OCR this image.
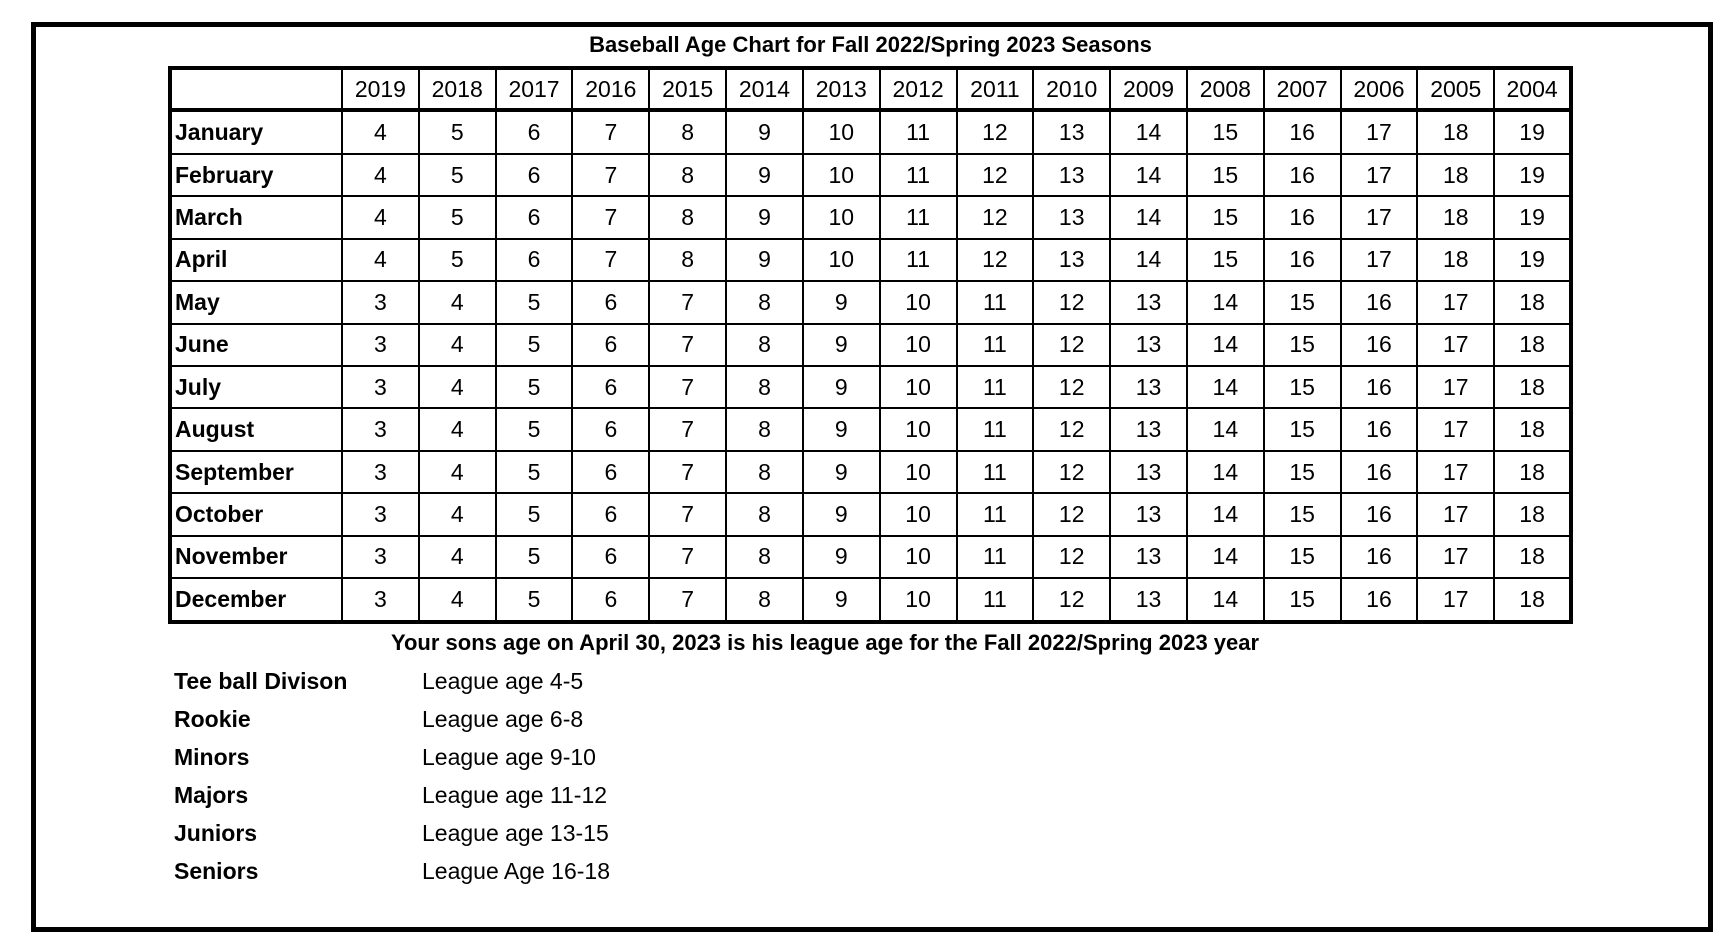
Baseball Age Chart for Fall 2022/Spring 2023 Seasons
	2019	2018	2017	2016	2015	2014	2013	2012	2011	2010	2009	2008	2007	2006	2005	2004
January	4	5	6	7	8	9	10	11	12	13	14	15	16	17	18	19
February	4	5	6	7	8	9	10	11	12	13	14	15	16	17	18	19
March	4	5	6	7	8	9	10	11	12	13	14	15	16	17	18	19
April	4	5	6	7	8	9	10	11	12	13	14	15	16	17	18	19
May	3	4	5	6	7	8	9	10	11	12	13	14	15	16	17	18
June	3	4	5	6	7	8	9	10	11	12	13	14	15	16	17	18
July	3	4	5	6	7	8	9	10	11	12	13	14	15	16	17	18
August	3	4	5	6	7	8	9	10	11	12	13	14	15	16	17	18
September	3	4	5	6	7	8	9	10	11	12	13	14	15	16	17	18
October	3	4	5	6	7	8	9	10	11	12	13	14	15	16	17	18
November	3	4	5	6	7	8	9	10	11	12	13	14	15	16	17	18
December	3	4	5	6	7	8	9	10	11	12	13	14	15	16	17	18
Your sons age on April 30, 2023 is his league age for the Fall 2022/Spring 2023 year
Tee ball Divison	League age 4-5
Rookie	League age 6-8
Minors	League age 9-10
Majors	League age 11-12
Juniors	League age 13-15
Seniors	League Age 16-18
